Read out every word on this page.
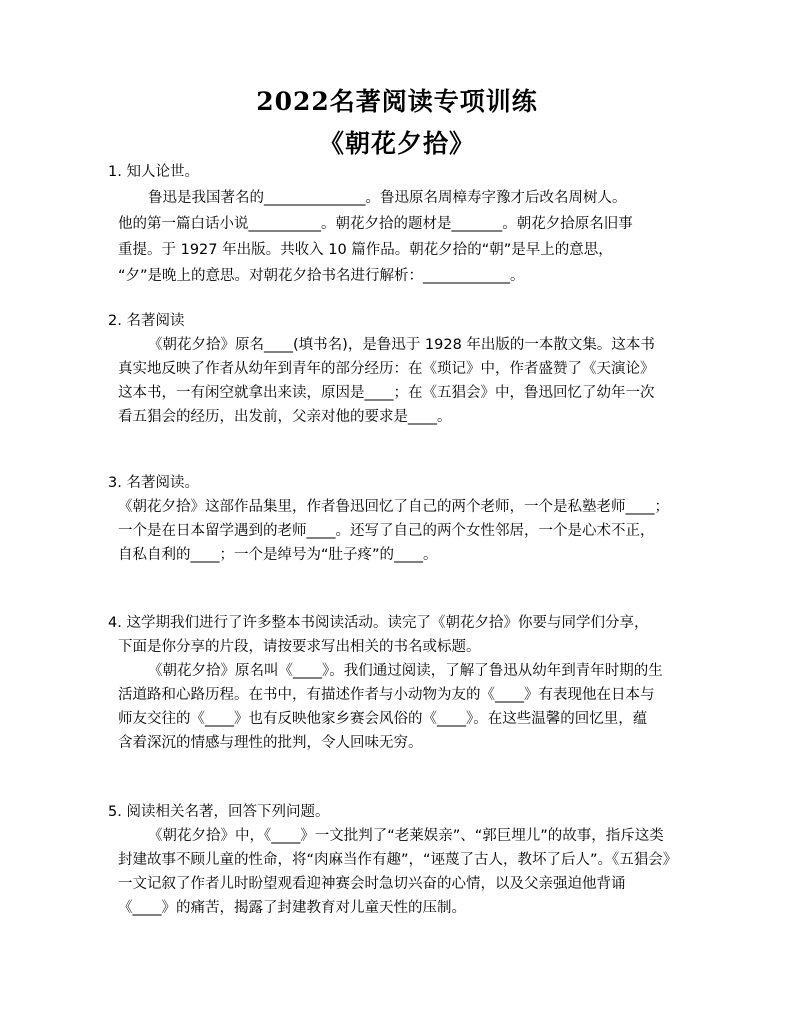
2022名著阅读专项训练
《朝花夕拾》
1. 知人论世。
鲁迅是我国著名的______________。鲁迅原名周樟寿字豫才后改名周树人。
他的第一篇白话小说__________。朝花夕拾的题材是_______。朝花夕拾原名旧事
重提。于 1927 年出版。共收入 10 篇作品。朝花夕拾的“朝”是早上的意思，
“夕”是晚上的意思。对朝花夕拾书名进行解析：____________。
2. 名著阅读
《朝花夕拾》原名____(填书名)，是鲁迅于 1928 年出版的一本散文集。这本书
真实地反映了作者从幼年到青年的部分经历：在《琐记》中，作者盛赞了《天演论》
这本书，一有闲空就拿出来读，原因是____；在《五猖会》中，鲁迅回忆了幼年一次
看五猖会的经历，出发前，父亲对他的要求是____。
3. 名著阅读。
《朝花夕拾》这部作品集里，作者鲁迅回忆了自己的两个老师，一个是私塾老师____；
一个是在日本留学遇到的老师____。还写了自己的两个女性邻居，一个是心术不正，
自私自利的____；一个是绰号为“肚子疼”的____。
4. 这学期我们进行了许多整本书阅读活动。读完了《朝花夕拾》你要与同学们分享，
下面是你分享的片段，请按要求写出相关的书名或标题。
《朝花夕拾》原名叫《____》。我们通过阅读，了解了鲁迅从幼年到青年时期的生
活道路和心路历程。在书中，有描述作者与小动物为友的《____》有表现他在日本与
师友交往的《____》也有反映他家乡赛会风俗的《____》。在这些温馨的回忆里，蕴
含着深沉的情感与理性的批判，令人回味无穷。
5. 阅读相关名著，回答下列问题。
《朝花夕拾》中，《____》一文批判了“老莱娱亲”、“郭巨埋儿”的故事，指斥这类
封建故事不顾儿童的性命，将“肉麻当作有趣”，“诬蔑了古人，教坏了后人”。《五猖会》
一文记叙了作者儿时盼望观看迎神赛会时急切兴奋的心情，以及父亲强迫他背诵
《____》的痛苦，揭露了封建教育对儿童天性的压制。
